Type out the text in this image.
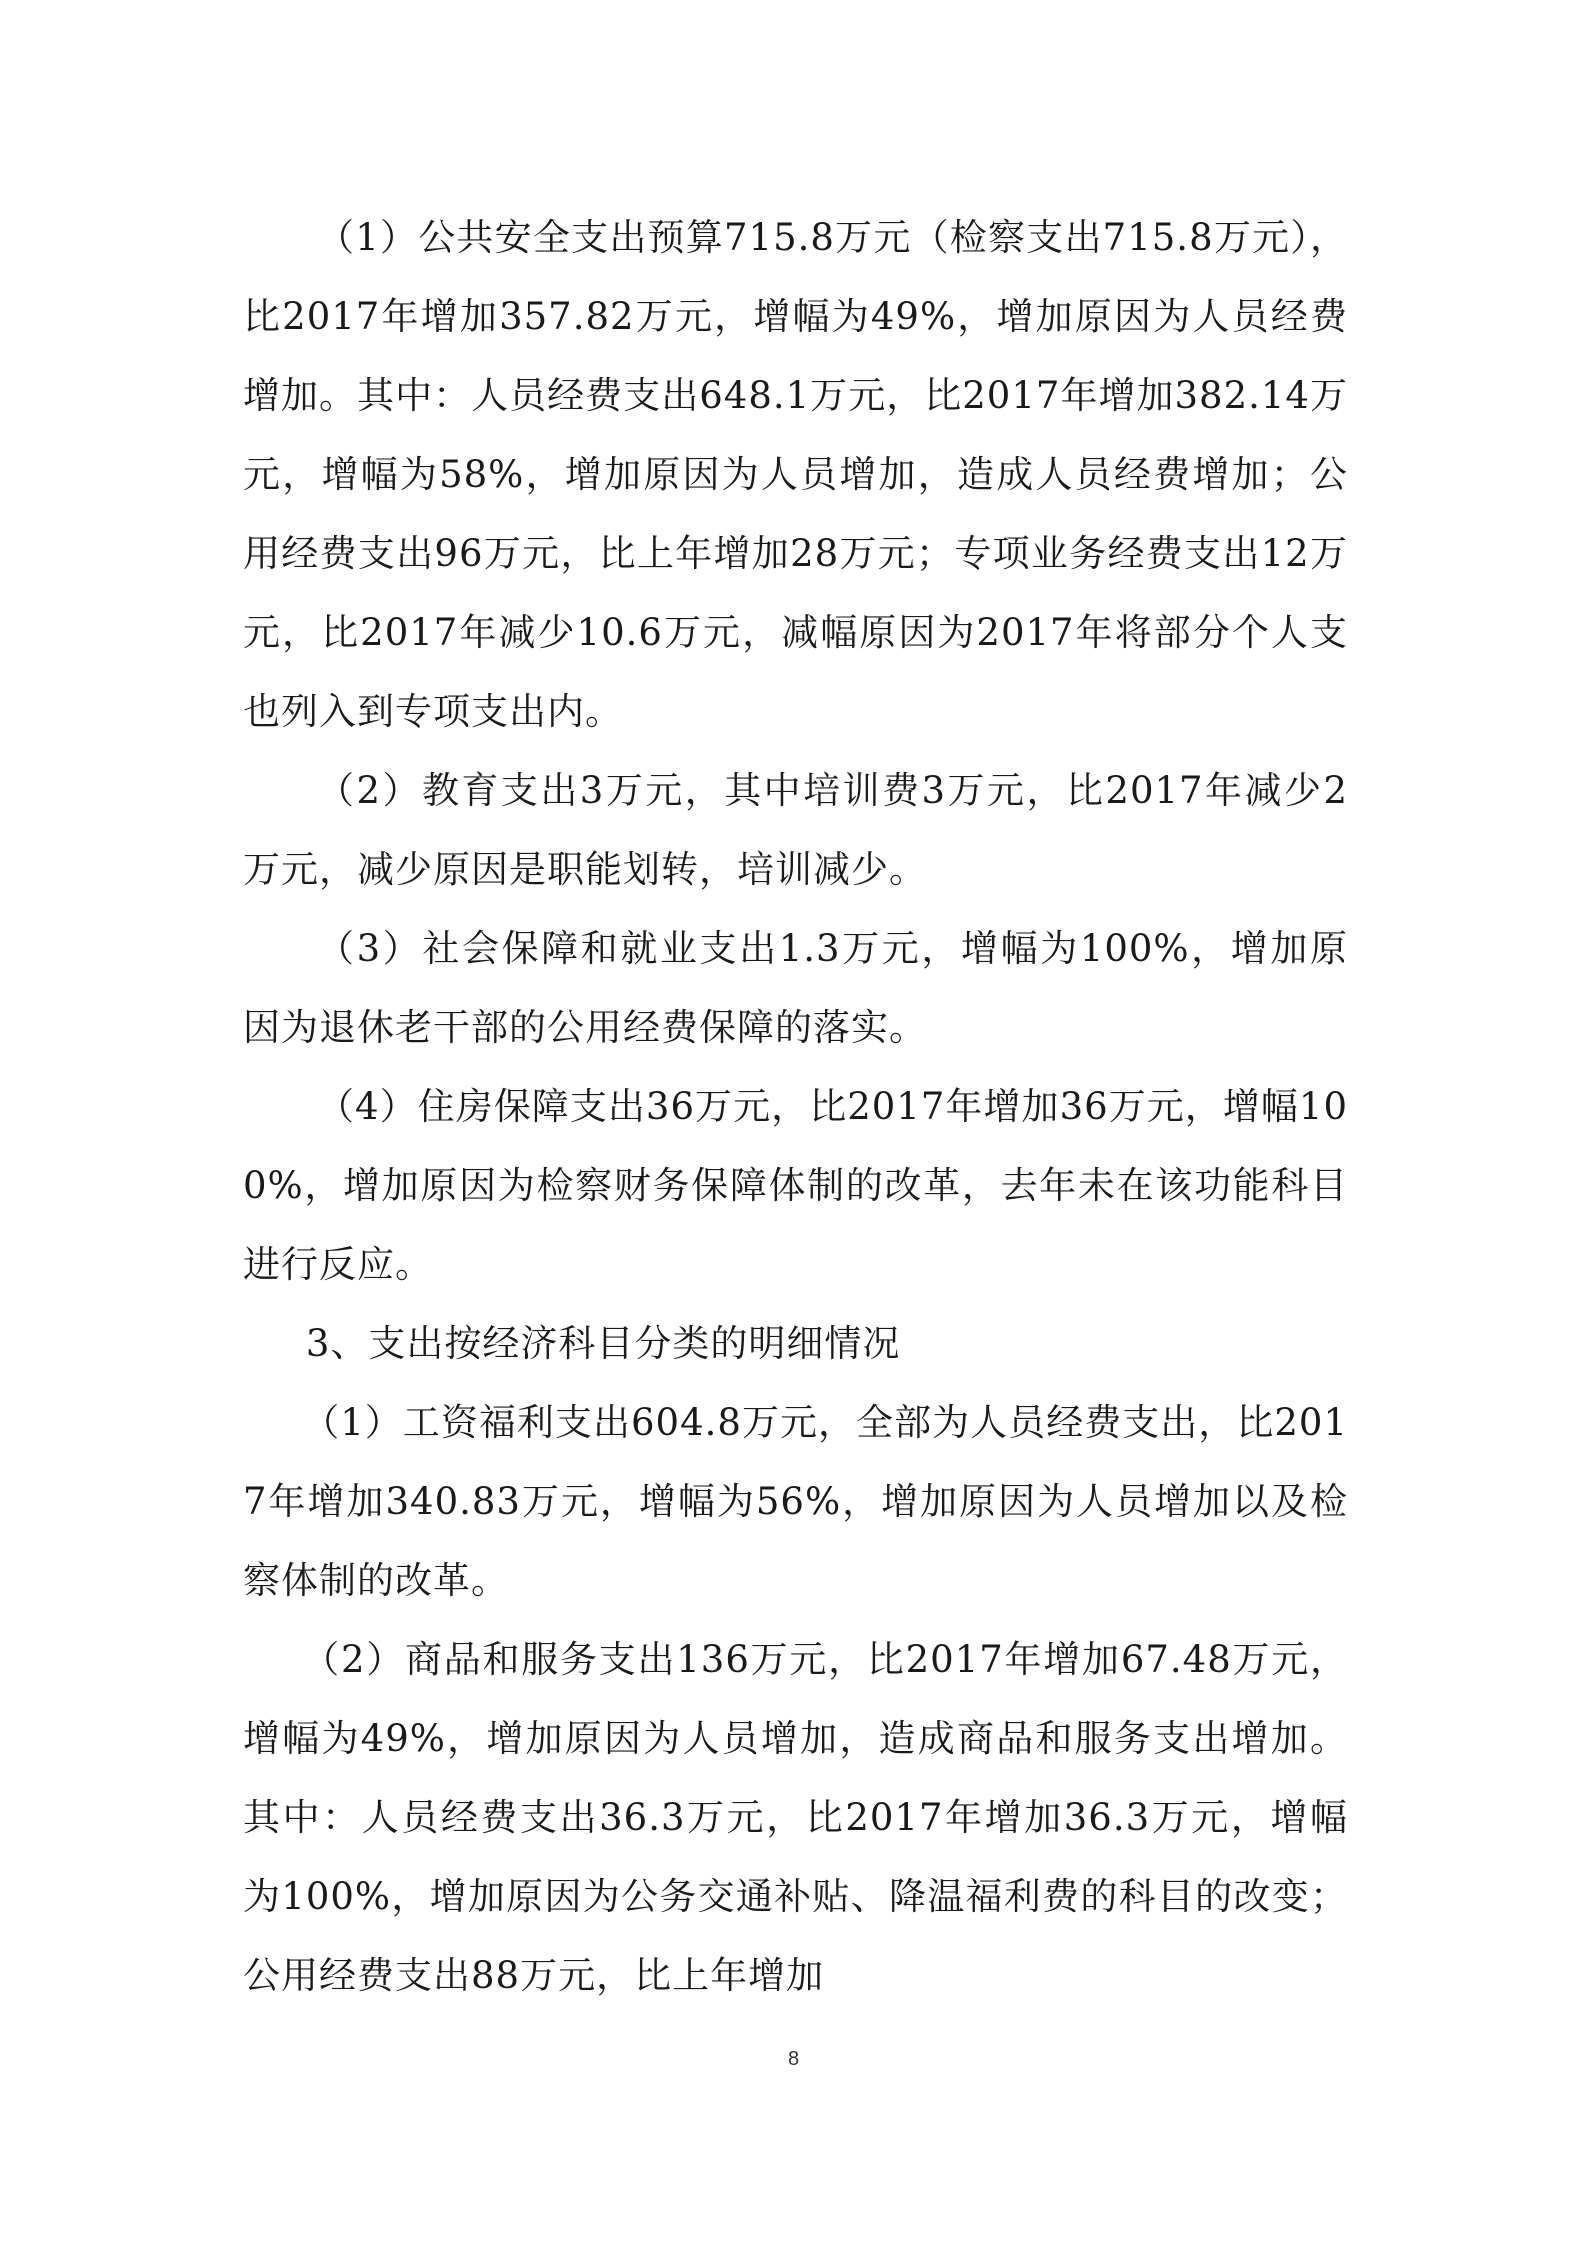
（1）公共安全支出预算715.8万元（检察支出715.8万元），比2017年增加357.82万元，增幅为49%，增加原因为人员经费增加。其中：人员经费支出648.1万元，比2017年增加382.14万元，增幅为58%，增加原因为人员增加，造成人员经费增加；公用经费支出96万元，比上年增加28万元；专项业务经费支出12万元，比2017年减少10.6万元，减幅原因为2017年将部分个人支也列入到专项支出内。

（2）教育支出3万元，其中培训费3万元，比2017年减少2万元，减少原因是职能划转，培训减少。

（3）社会保障和就业支出1.3万元，增幅为100%，增加原因为退休老干部的公用经费保障的落实。

（4）住房保障支出36万元，比2017年增加36万元，增幅100%，增加原因为检察财务保障体制的改革，去年未在该功能科目进行反应。

3、支出按经济科目分类的明细情况

（1）工资福利支出604.8万元，全部为人员经费支出，比2017年增加340.83万元，增幅为56%，增加原因为人员增加以及检察体制的改革。

（2）商品和服务支出136万元，比2017年增加67.48万元，增幅为49%，增加原因为人员增加，造成商品和服务支出增加。其中：人员经费支出36.3万元，比2017年增加36.3万元，增幅为100%，增加原因为公务交通补贴、降温福利费的科目的改变；公用经费支出88万元，比上年增加

8
